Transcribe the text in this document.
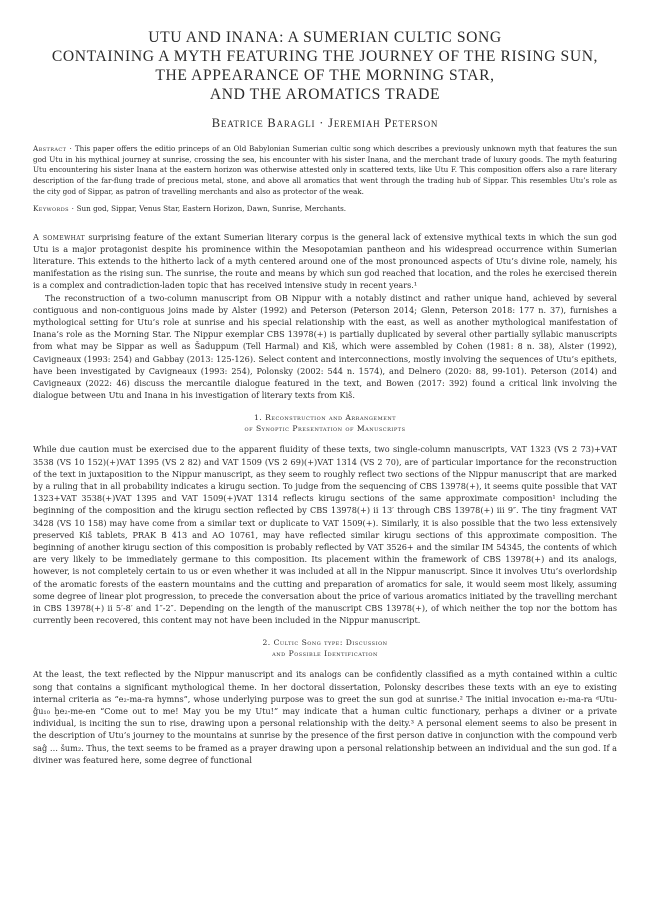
UTU AND INANA: A SUMERIAN CULTIC SONG
CONTAINING A MYTH FEATURING THE JOURNEY OF THE RISING SUN,
THE APPEARANCE OF THE MORNING STAR,
AND THE AROMATICS TRADE
Beatrice Baragli · Jeremiah Peterson
Abstract · This paper offers the editio princeps of an Old Babylonian Sumerian cultic song which describes a previously unknown myth that features the sun god Utu in his mythical journey at sunrise, crossing the sea, his encounter with his sister Inana, and the merchant trade of luxury goods. The myth featuring Utu encountering his sister Inana at the eastern horizon was otherwise attested only in scattered texts, like Utu F. This composition offers also a rare literary description of the far-flung trade of precious metal, stone, and above all aromatics that went through the trading hub of Sippar. This resembles Utu’s role as the city god of Sippar, as patron of travelling merchants and also as protector of the weak.
Keywords · Sun god, Sippar, Venus Star, Eastern Horizon, Dawn, Sunrise, Merchants.

A somewhat surprising feature of the extant Sumerian literary corpus is the general lack of extensive mythical texts in which the sun god Utu is a major protagonist despite his prominence within the Mesopotamian pantheon and his widespread occurrence within Sumerian literature. This extends to the hitherto lack of a myth centered around one of the most pronounced aspects of Utu’s divine role, namely, his manifestation as the rising sun. The sunrise, the route and means by which sun god reached that location, and the roles he exercised therein is a complex and contradiction-laden topic that has received intensive study in recent years.¹

The reconstruction of a two-column manuscript from OB Nippur with a notably distinct and rather unique hand, achieved by several contiguous and non-contiguous joins made by Alster (1992) and Peterson (Peterson 2014; Glenn, Peterson 2018: 177 n. 37), furnishes a mythological setting for Utu’s role at sunrise and his special relationship with the east, as well as another mythological manifestation of Inana’s role as the Morning Star. The Nippur exemplar CBS 13978(+) is partially duplicated by several other partially syllabic manuscripts from what may be Sippar as well as Šaduppum (Tell Harmal) and Kiš, which were assembled by Cohen (1981: 8 n. 38), Alster (1992), Cavigneaux (1993: 254) and Gabbay (2013: 125-126). Select content and interconnections, mostly involving the sequences of Utu’s epithets, have been investigated by Cavigneaux (1993: 254), Polonsky (2002: 544 n. 1574), and Delnero (2020: 88, 99-101). Peterson (2014) and Cavigneaux (2022: 46) discuss the mercantile dialogue featured in the text, and Bowen (2017: 392) found a critical link involving the dialogue between Utu and Inana in his investigation of literary texts from Kiš.

1. Reconstruction and Arrangement
of Synoptic Presentation of Manuscripts

While due caution must be exercised due to the apparent fluidity of these texts, two single-column manuscripts, VAT 1323 (VS 2 73)+VAT 3538 (VS 10 152)(+)VAT 1395 (VS 2 82) and VAT 1509 (VS 2 69)(+)VAT 1314 (VS 2 70), are of particular importance for the reconstruction of the text in juxtaposition to the Nippur manuscript, as they seem to roughly reflect two sections of the Nippur manuscript that are marked by a ruling that in all probability indicates a kirugu section. To judge from the sequencing of CBS 13978(+), it seems quite possible that VAT 1323+VAT 3538(+)VAT 1395 and VAT 1509(+)VAT 1314 reflects kirugu sections of the same approximate composition¹ including the beginning of the composition and the kirugu section reflected by CBS 13978(+) ii 13′ through CBS 13978(+) iii 9″. The tiny fragment VAT 3428 (VS 10 158) may have come from a similar text or duplicate to VAT 1509(+). Similarly, it is also possible that the two less extensively preserved Kiš tablets, PRAK B 413 and AO 10761, may have reflected similar kirugu sections of this approximate composition. The beginning of another kirugu section of this composition is probably reflected by VAT 3526+ and the similar IM 54345, the contents of which are very likely to be immediately germane to this composition. Its placement within the framework of CBS 13978(+) and its analogs, however, is not completely certain to us or even whether it was included at all in the Nippur manuscript. Since it involves Utu’s overlordship of the aromatic forests of the eastern mountains and the cutting and preparation of aromatics for sale, it would seem most likely, assuming some degree of linear plot progression, to precede the conversation about the price of various aromatics initiated by the travelling merchant in CBS 13978(+) ii 5′-8′ and 1″-2″. Depending on the length of the manuscript CBS 13978(+), of which neither the top nor the bottom has currently been recovered, this content may not have been included in the Nippur manuscript.

2. Cultic Song type: Discussion
and Possible Identification

At the least, the text reflected by the Nippur manuscript and its analogs can be confidently classified as a myth contained within a cultic song that contains a significant mythological theme. In her doctoral dissertation, Polonsky describes these texts with an eye to existing internal criteria as “e₂-ma-ra hymns”, whose underlying purpose was to greet the sun god at sunrise.² The initial invocation e₂-ma-ra ᵈUtu-ĝu₁₀ ḫe₂-me-en “Come out to me! May you be my Utu!” may indicate that a human cultic functionary, perhaps a diviner or a private individual, is inciting the sun to rise, drawing upon a personal relationship with the deity.³ A personal element seems to also be present in the description of Utu’s journey to the mountains at sunrise by the presence of the first person dative in conjunction with the compound verb saĝ … šum₂. Thus, the text seems to be framed as a prayer drawing upon a personal relationship between an individual and the sun god. If a diviner was featured here, some degree of functional
